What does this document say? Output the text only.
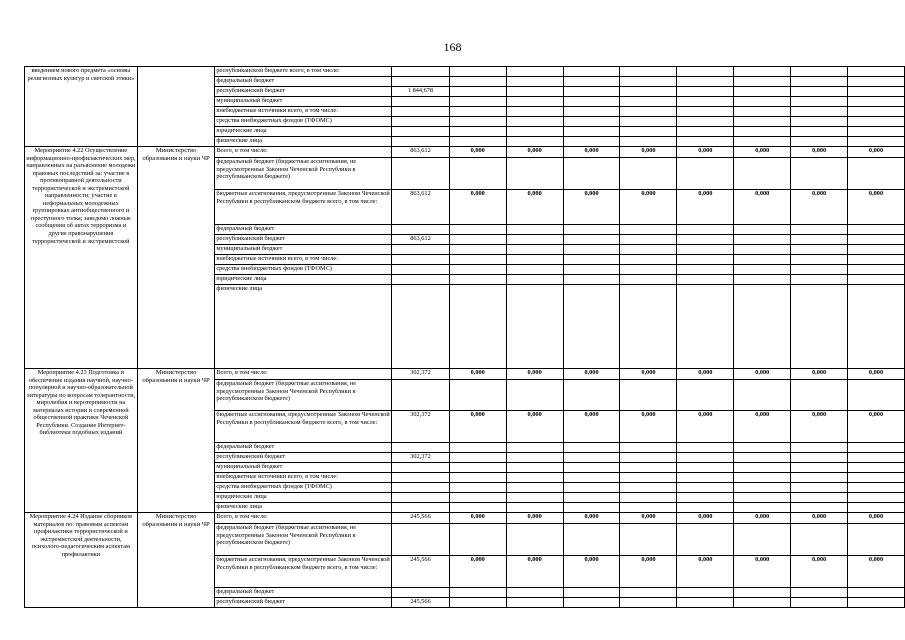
168
введением нового предмета «основы религиозных культур и светской этики»		республиканском бюджете всего, в том числе:									
		федеральный бюджет									
		республиканский бюджет	1 844,678								
		муниципальный бюджет									
		внебюджетные источники всего, в том числе:									
		средства внебюджетных фондов (ТФОМС)									
		юридические лица									
		физические лица									
Мероприятие 4.22 Осуществление информационно-профилактических мер, направленных на разъяснение молодежи правовых последствий за: участие в противоправной деятельности террористической и экстремистской направленности; участие в неформальных молодежных группировках антиобщественного и преступного толка; заведомо ложные сообщения об актах терроризма и другие правонарушения террористической и экстремистской	Министерство образования и науки ЧР	Всего, в том числе:	863,612	0,000	0,000	0,000	0,000	0,000	0,000	0,000	0,000
		федеральный бюджет (бюджетные ассигнования, не предусмотренные Законом Чеченской Республики в республиканском бюджете)									
		бюджетные ассигнования, предусмотренные Законом Чеченской Республики в республиканском бюджете всего, в том числе:	863,612	0,000	0,000	0,000	0,000	0,000	0,000	0,000	0,000
		федеральный бюджет									
		республиканский бюджет	863,612								
		муниципальный бюджет									
		внебюджетные источники всего, в том числе:									
		средства внебюджетных фондов (ТФОМС)									
		юридические лица									
		физические лица									
Мероприятие 4.23 Подготовка и обеспечение издания научной, научно-популярной и научно-образовательной литературы по вопросам толерантности, миролюбия и веротерпимости на материалах истории и современной общественной практики Чеченской Республики. Создание Интернет-библиотеки подобных изданий	Министерство образования и науки ЧР	Всего, в том числе:	302,372	0,000	0,000	0,000	0,000	0,000	0,000	0,000	0,000
		федеральный бюджет (бюджетные ассигнования, не предусмотренные Законом Чеченской Республики в республиканском бюджете)									
		бюджетные ассигнования, предусмотренные Законом Чеченской Республики в республиканском бюджете всего, в том числе:	302,372	0,000	0,000	0,000	0,000	0,000	0,000	0,000	0,000
		федеральный бюджет									
		республиканский бюджет	302,372								
		муниципальный бюджет									
		внебюджетные источники всего, в том числе:									
		средства внебюджетных фондов (ТФОМС)									
		юридические лица									
		физические лица									
Мероприятие 4.24 Издание сборников материалов по: правовым аспектам профилактики террористической и экстремистской деятельности, психолого-педагогическим аспектам профилактики	Министерство образования и науки ЧР	Всего, в том числе:	245,566	0,000	0,000	0,000	0,000	0,000	0,000	0,000	0,000
		федеральный бюджет (бюджетные ассигнования, не предусмотренные Законом Чеченской Республики в республиканском бюджете)									
		бюджетные ассигнования, предусмотренные Законом Чеченской Республики в республиканском бюджете всего, в том числе:	245,566	0,000	0,000	0,000	0,000	0,000	0,000	0,000	0,000
		федеральный бюджет									
		республиканский бюджет	245,566								
